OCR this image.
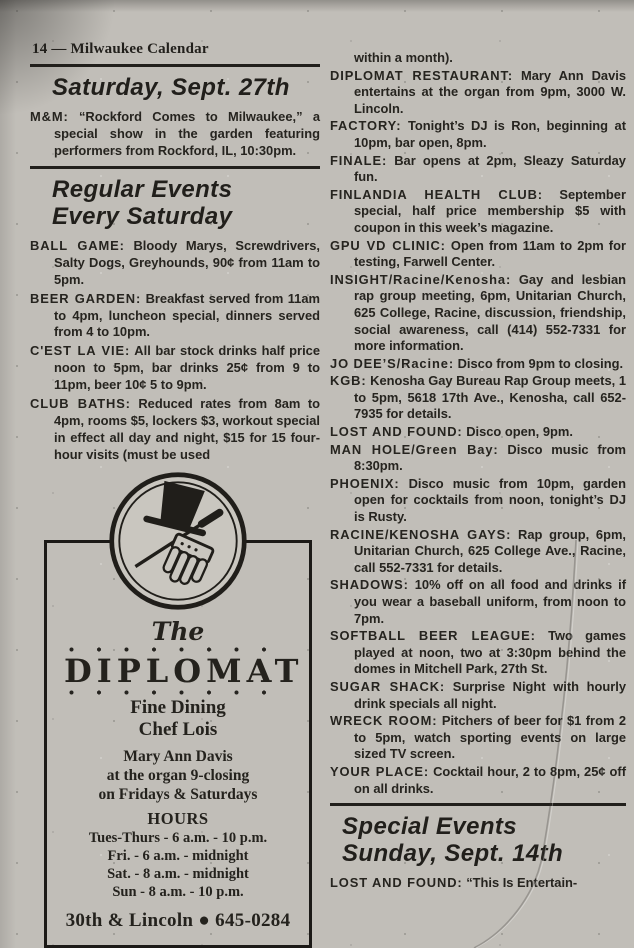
14 — Milwaukee Calendar
Saturday, Sept. 27th

M&M: “Rockford Comes to Milwaukee,” a special show in the garden featuring performers from Rockford, IL, 10:30pm.

Regular Events
Every Saturday

BALL GAME: Bloody Marys, Screwdrivers, Salty Dogs, Greyhounds, 90¢ from 11am to 5pm.

BEER GARDEN: Breakfast served from 11am to 4pm, luncheon special, dinners served from 4 to 10pm.

C'EST LA VIE: All bar stock drinks half price noon to 5pm, bar drinks 25¢ from 9 to 11pm, beer 10¢ 5 to 9pm.

CLUB BATHS: Reduced rates from 8am to 4pm, rooms $5, lockers $3, workout special in effect all day and night, $15 for 15 four-hour visits (must be used

The
DIPLOMAT
Fine Dining
Chef Lois
Mary Ann Davis
at the organ 9-closing
on Fridays & Saturdays
HOURS
Tues-Thurs - 6 a.m. - 10 p.m.
Fri. - 6 a.m. - midnight
Sat. - 8 a.m. - midnight
Sun - 8 a.m. - 10 p.m.
30th & Lincoln ● 645-0284

within a month).

DIPLOMAT RESTAURANT: Mary Ann Davis entertains at the organ from 9pm, 3000 W. Lincoln.

FACTORY: Tonight’s DJ is Ron, beginning at 10pm, bar open, 8pm.

FINALE: Bar opens at 2pm, Sleazy Saturday fun.

FINLANDIA HEALTH CLUB: September special, half price membership $5 with coupon in this week’s magazine.

GPU VD CLINIC: Open from 11am to 2pm for testing, Farwell Center.

INSIGHT/Racine/Kenosha: Gay and lesbian rap group meeting, 6pm, Unitarian Church, 625 College, Racine, discussion, friendship, social awareness, call (414) 552-7331 for more information.

JO DEE’S/Racine: Disco from 9pm to closing.

KGB: Kenosha Gay Bureau Rap Group meets, 1 to 5pm, 5618 17th Ave., Kenosha, call 652-7935 for details.

LOST AND FOUND: Disco open, 9pm.

MAN HOLE/Green Bay: Disco music from 8:30pm.

PHOENIX: Disco music from 10pm, garden open for cocktails from noon, tonight’s DJ is Rusty.

RACINE/KENOSHA GAYS: Rap group, 6pm, Unitarian Church, 625 College Ave., Racine, call 552-7331 for details.

SHADOWS: 10% off on all food and drinks if you wear a baseball uniform, from noon to 7pm.

SOFTBALL BEER LEAGUE: Two games played at noon, two at 3:30pm behind the domes in Mitchell Park, 27th St.

SUGAR SHACK: Surprise Night with hourly drink specials all night.

WRECK ROOM: Pitchers of beer for $1 from 2 to 5pm, watch sporting events on large sized TV screen.

YOUR PLACE: Cocktail hour, 2 to 8pm, 25¢ off on all drinks.

Special Events
Sunday, Sept. 14th

LOST AND FOUND: “This Is Entertain-
